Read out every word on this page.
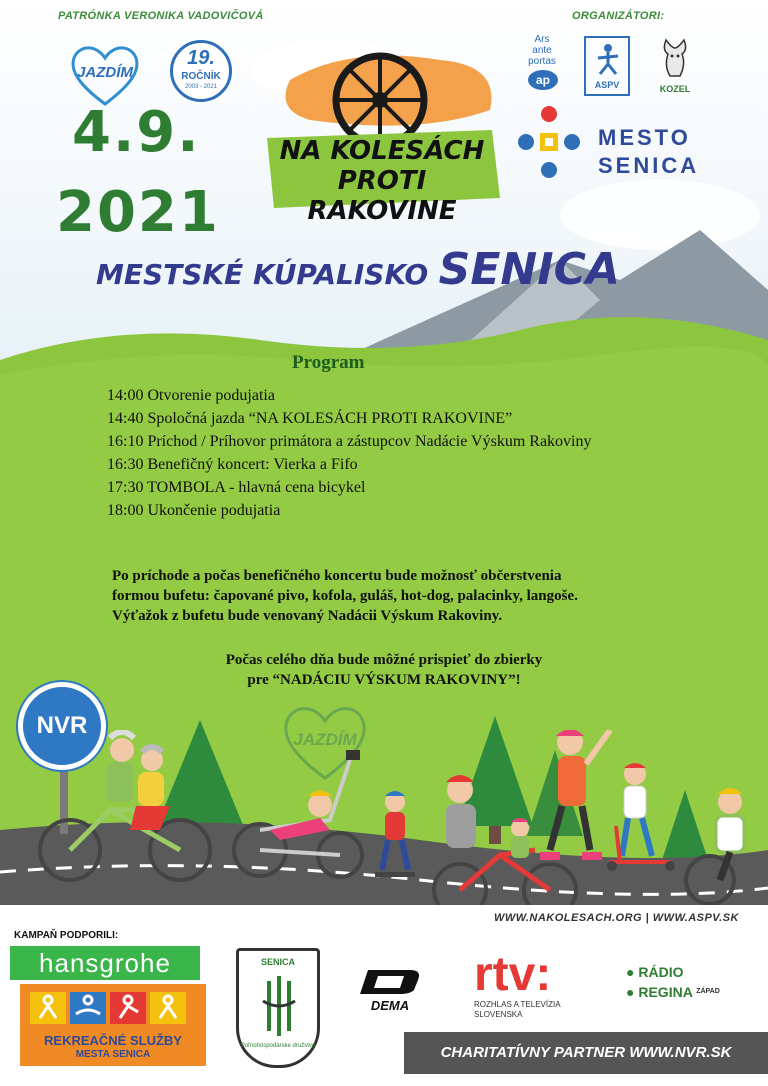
PATRÓNKA VERONIKA VADOVIČOVÁ	ORGANIZÁTORI:
JAZDÍM
19.
ROČNÍK
2003 - 2021
NA KOLESÁCH
PROTI RAKOVINE
4.9.
2021
MESTSKÉ KÚPALISKO SENICA
Ars
ante
portas
ap	ASPV	KOZEL
MESTO
SENICA
Program
14:00 Otvorenie podujatia
14:40 Spoločná jazda “NA KOLESÁCH PROTI RAKOVINE”
16:10 Príchod / Príhovor primátora a zástupcov Nadácie Výskum Rakoviny
16:30 Benefičný koncert: Vierka a Fifo
17:30 TOMBOLA - hlavná cena bicykel
18:00 Ukončenie podujatia
Po príchode a počas benefičného koncertu bude možnosť občerstvenia
formou bufetu: čapované pivo, kofola, guláš, hot-dog, palacinky, langoše.
Výťažok z bufetu bude venovaný Nadácii Výskum Rakoviny.
Počas celého dňa bude môžné prispieť do zbierky
pre “NADÁCIU VÝSKUM RAKOVINY”!
NVR
JAZDÍM
WWW.NAKOLESACH.ORG | WWW.ASPV.SK
KAMPAŇ PODPORILI:
hansgrohe
REKREAČNÉ SLUŽBY
MESTA SENICA
SENICA
Poľnohospodárske družstvo
DEMA
rtv:
ROZHLAS A TELEVÍZIA
SLOVENSKA
● RÁDIO
● REGINA $^{ZÁPAD}$
CHARITATÍVNY PARTNER WWW.NVR.SK
